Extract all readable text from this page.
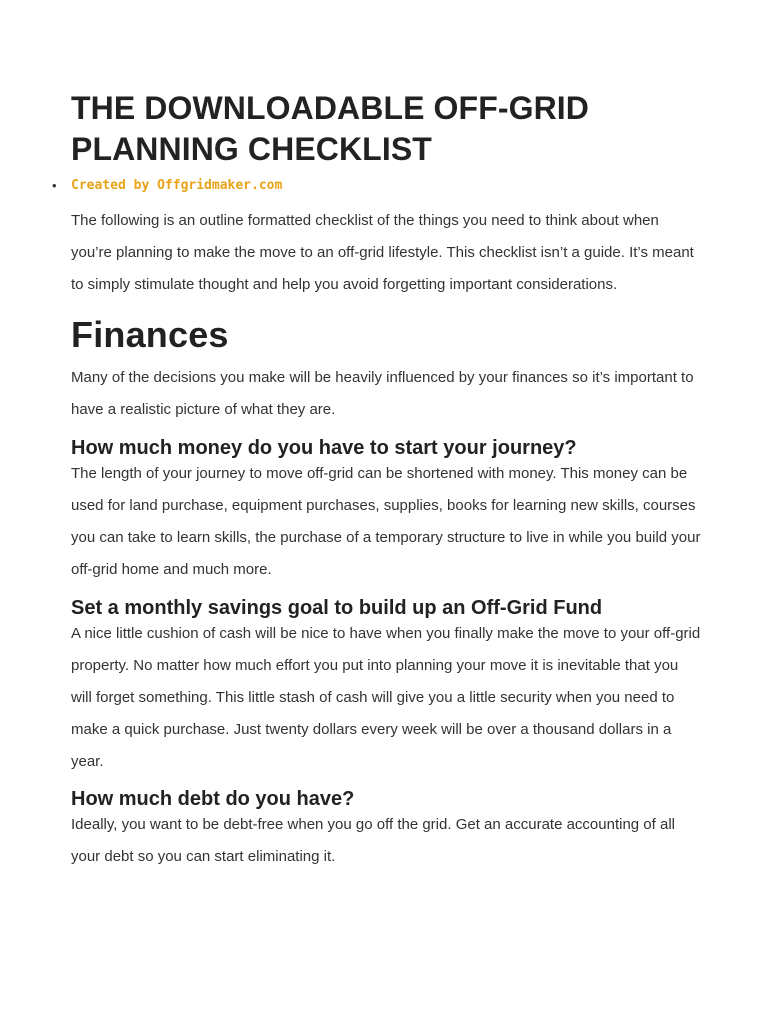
THE DOWNLOADABLE OFF-GRID
PLANNING CHECKLIST
• Created by Offgridmaker.com

The following is an outline formatted checklist of the things you need to think about when you’re planning to make the move to an off-grid lifestyle. This checklist isn’t a guide. It’s meant to simply stimulate thought and help you avoid forgetting important considerations.

Finances

Many of the decisions you make will be heavily influenced by your finances so it’s important to have a realistic picture of what they are.

How much money do you have to start your journey?

The length of your journey to move off-grid can be shortened with money. This money can be used for land purchase, equipment purchases, supplies, books for learning new skills, courses you can take to learn skills, the purchase of a temporary structure to live in while you build your off-grid home and much more.

Set a monthly savings goal to build up an Off-Grid Fund

A nice little cushion of cash will be nice to have when you finally make the move to your off-grid property. No matter how much effort you put into planning your move it is inevitable that you will forget something. This little stash of cash will give you a little security when you need to make a quick purchase. Just twenty dollars every week will be over a thousand dollars in a year.

How much debt do you have?

Ideally, you want to be debt-free when you go off the grid. Get an accurate accounting of all your debt so you can start eliminating it.
